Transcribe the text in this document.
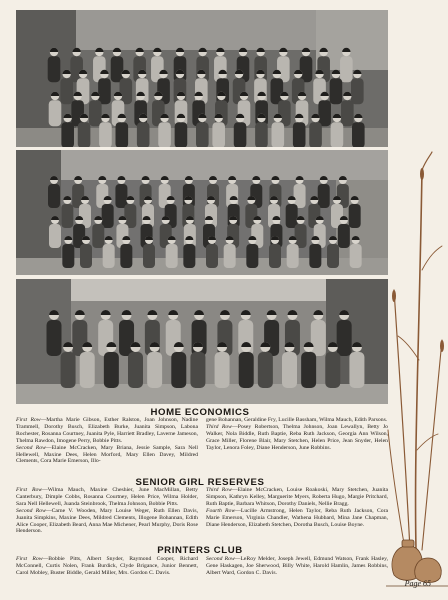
HOME ECONOMICS

First Row—Martha Marie Gibson, Esther Ralston, Joan Johnson, Nadine Trammell, Dorothy Busch, Elizabeth Burke, Juanita Simpson, Labona Rochester, Rosanna Courtney, Juanita Pyle, Harriett Bradley, Laverne Jameson, Thelma Rawdon, Imogene Perry, Bobbie Pitts.

Second Row—Elaine McCracken, Mary Briana, Jessie Sample, Sara Nell Hellewell, Maxine Dees, Helen Morford, Mary Ellen Davey, Mildred Clements, Cora Marie Emerson, Illo-

gene Bohannan, Geraldine Fry, Lucille Bassham, Wilma Mauch, Edith Parsons.

Third Row—Posey Robertson, Thelma Johnson, Joan Lewallyn, Betty Jo Walker, Nola Biddle, Ruth Baptie, Reba Ruth Jackson, Georgia Ann Wilson, Grace Miller, Florene Blair, Mary Stetchen, Helen Price, Jean Snyder, Helen Taylor, Lenora Foley, Diane Henderson, June Robbins.

SENIOR GIRL RESERVES

First Row—Wilma Mauch, Maxine Cheshier, June MacMillan, Betty Canterbury, Dimple Cobbs, Rosanna Courtney, Helen Price, Wilma Holder, Sara Nell Hellewell, Juanda Steinbrook, Thelma Johnson, Bobbie Pitts.

Second Row—Carne V. Wooden, Mary Louise Weger, Ruth Ellen Davis, Juanita Simpkins, Maxine Dees, Mildred Clements, Illogene Bohannan, Edith Alice Cooper, Elizabeth Beard, Anna Mae Michener, Pearl Murphy, Doris Rose Henderson.

Third Row—Elaine McCracken, Louise Roakoski, Mary Stetchen, Juanita Simpson, Kathryn Kelley, Marguerite Myers, Roberta Hugo, Margie Pritchard, Ruth Baptie, Barbara Whitson, Dorothy Daniels, Nellie Bragg.

Fourth Row—Lucille Armstrong, Helen Taylor, Reba Ruth Jackson, Cora Marie Emerson, Virginia Chandler, Wathena Hubbard, Mina Jane Chapman, Diane Henderson, Elizabeth Stetchen, Dorotha Busch, Louise Boyne.

PRINTERS CLUB

First Row—Bobbie Pitts, Albert Snyder, Raymond Cooper, Richard McConnell, Curtis Nolen, Frank Burdick, Clyde Brigance, Junior Bennett, Carol Mobley, Buster Biddle, Gerald Miller, Mrs. Gordon C. Davis.

Second Row—LeRoy Melder, Joseph Jewell, Edmund Watson, Frank Hasley, Gene Haskagen, Joe Sherwood, Billy White, Harold Hamlin, James Robbins, Albert Ward, Gordon C. Davis.

Page 65
